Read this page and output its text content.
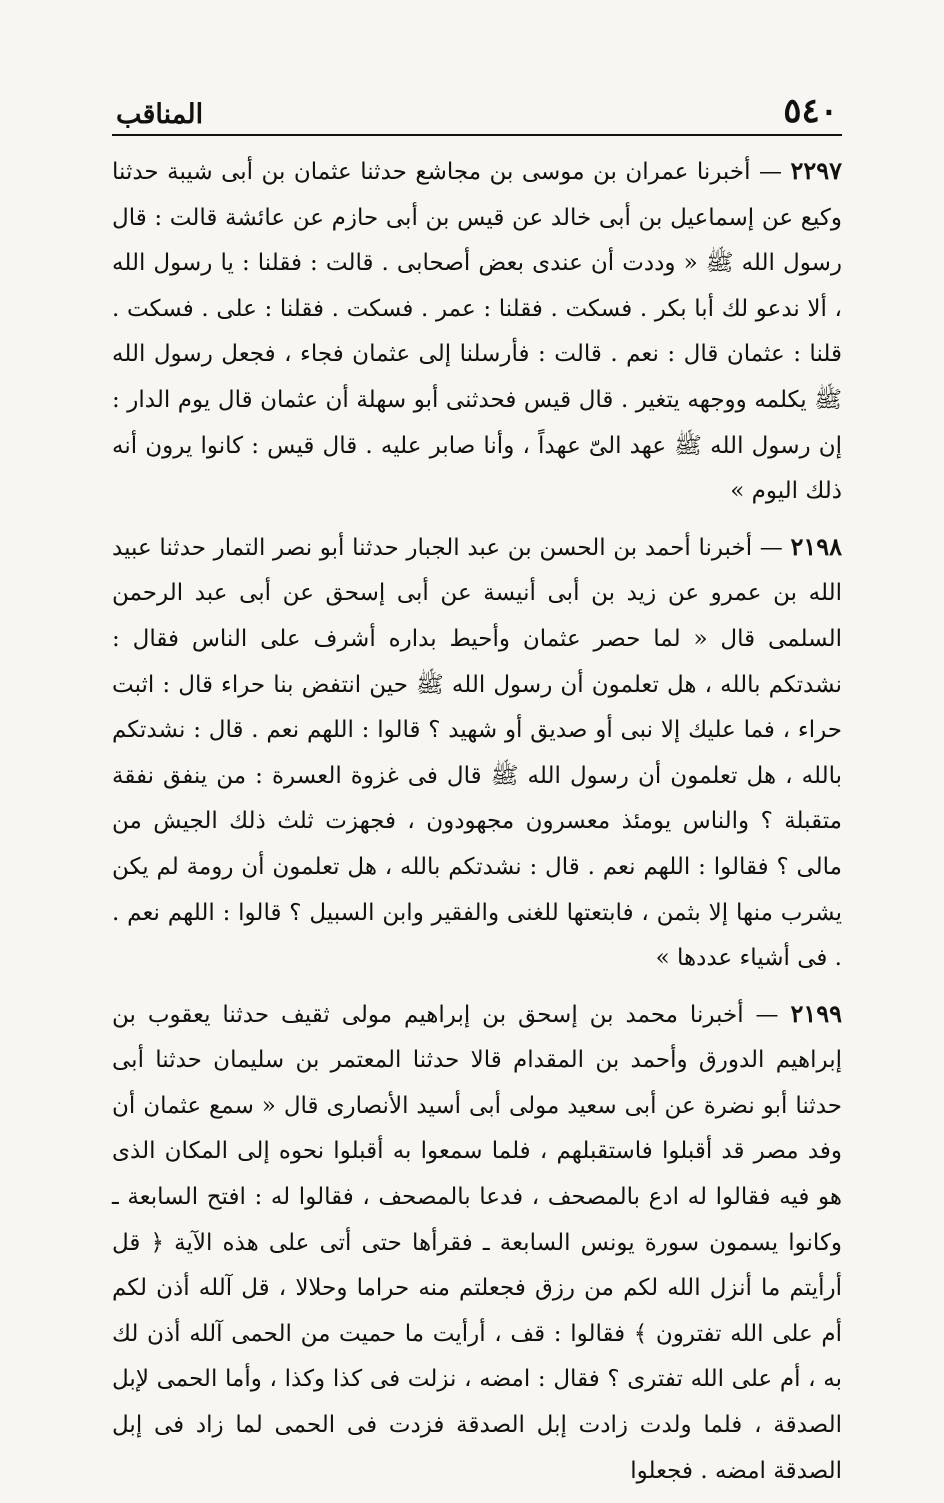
٥٤٠
المناقب

٢٢٩٧ — أخبرنا عمران بن موسى بن مجاشع حدثنا عثمان بن أبى شيبة حدثنا وكيع عن إسماعيل بن أبى خالد عن قيس بن أبى حازم عن عائشة قالت : قال رسول الله ﷺ « وددت أن عندى بعض أصحابى . قالت : فقلنا : يا رسول الله ، ألا ندعو لك أبا بكر . فسكت . فقلنا : عمر . فسكت . فقلنا : على . فسكت . قلنا : عثمان قال : نعم . قالت : فأرسلنا إلى عثمان فجاء ، فجعل رسول الله ﷺ يكلمه ووجهه يتغير . قال قيس فحدثنى أبو سهلة أن عثمان قال يوم الدار : إن رسول الله ﷺ عهد الىّ عهداً ، وأنا صابر عليه . قال قيس : كانوا يرون أنه ذلك اليوم »

٢١٩٨ — أخبرنا أحمد بن الحسن بن عبد الجبار حدثنا أبو نصر التمار حدثنا عبيد الله بن عمرو عن زيد بن أبى أنيسة عن أبى إسحق عن أبى عبد الرحمن السلمى قال « لما حصر عثمان وأحيط بداره أشرف على الناس فقال : نشدتكم بالله ، هل تعلمون أن رسول الله ﷺ حين انتفض بنا حراء قال : اثبت حراء ، فما عليك إلا نبى أو صديق أو شهيد ؟ قالوا : اللهم نعم . قال : نشدتكم بالله ، هل تعلمون أن رسول الله ﷺ قال فى غزوة العسرة : من ينفق نفقة متقبلة ؟ والناس يومئذ معسرون مجهودون ، فجهزت ثلث ذلك الجيش من مالى ؟ فقالوا : اللهم نعم . قال : نشدتكم بالله ، هل تعلمون أن رومة لم يكن يشرب منها إلا بثمن ، فابتعتها للغنى والفقير وابن السبيل ؟ قالوا : اللهم نعم . . فى أشياء عددها »

٢١٩٩ — أخبرنا محمد بن إسحق بن إبراهيم مولى ثقيف حدثنا يعقوب بن إبراهيم الدورق وأحمد بن المقدام قالا حدثنا المعتمر بن سليمان حدثنا أبى حدثنا أبو نضرة عن أبى سعيد مولى أبى أسيد الأنصارى قال « سمع عثمان أن وفد مصر قد أقبلوا فاستقبلهم ، فلما سمعوا به أقبلوا نحوه إلى المكان الذى هو فيه فقالوا له ادع بالمصحف ، فدعا بالمصحف ، فقالوا له : افتح السابعة ـ وكانوا يسمون سورة يونس السابعة ـ فقرأها حتى أتى على هذه الآية ﴿ قل أرأيتم ما أنزل الله لكم من رزق فجعلتم منه حراما وحلالا ، قل آلله أذن لكم أم على الله تفترون ﴾ فقالوا : قف ، أرأيت ما حميت من الحمى آلله أذن لك به ، أم على الله تفترى ؟ فقال : امضه ، نزلت فى كذا وكذا ، وأما الحمى لإبل الصدقة ، فلما ولدت زادت إبل الصدقة فزدت فى الحمى لما زاد فى إبل الصدقة امضه . فجعلوا
